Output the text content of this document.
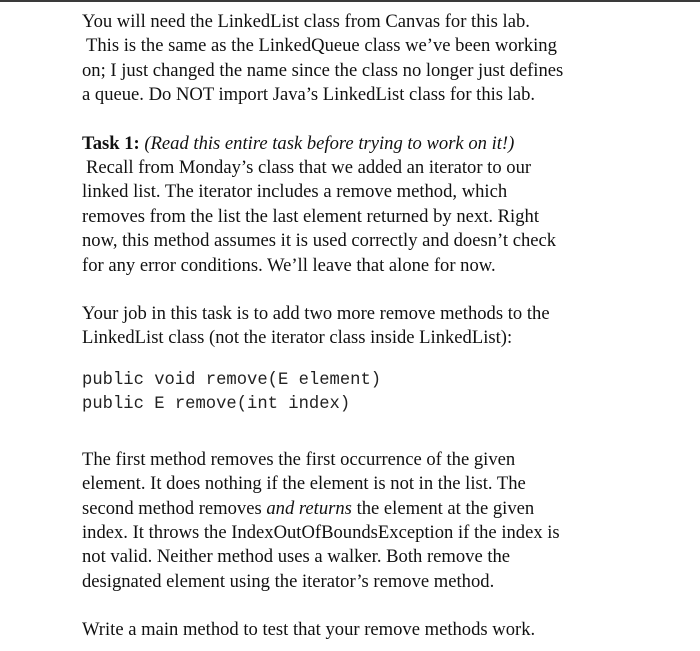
You will need the LinkedList class from Canvas for this lab.
This is the same as the LinkedQueue class we’ve been working
on; I just changed the name since the class no longer just defines
a queue. Do NOT import Java’s LinkedList class for this lab.

Task 1: (Read this entire task before trying to work on it!)
Recall from Monday’s class that we added an iterator to our
linked list. The iterator includes a remove method, which
removes from the list the last element returned by next. Right
now, this method assumes it is used correctly and doesn’t check
for any error conditions. We’ll leave that alone for now.

Your job in this task is to add two more remove methods to the
LinkedList class (not the iterator class inside LinkedList):

public void remove(E element)
public E remove(int index)

The first method removes the first occurrence of the given
element. It does nothing if the element is not in the list. The
second method removes and returns the element at the given
index. It throws the IndexOutOfBoundsException if the index is
not valid. Neither method uses a walker. Both remove the
designated element using the iterator’s remove method.

Write a main method to test that your remove methods work.
